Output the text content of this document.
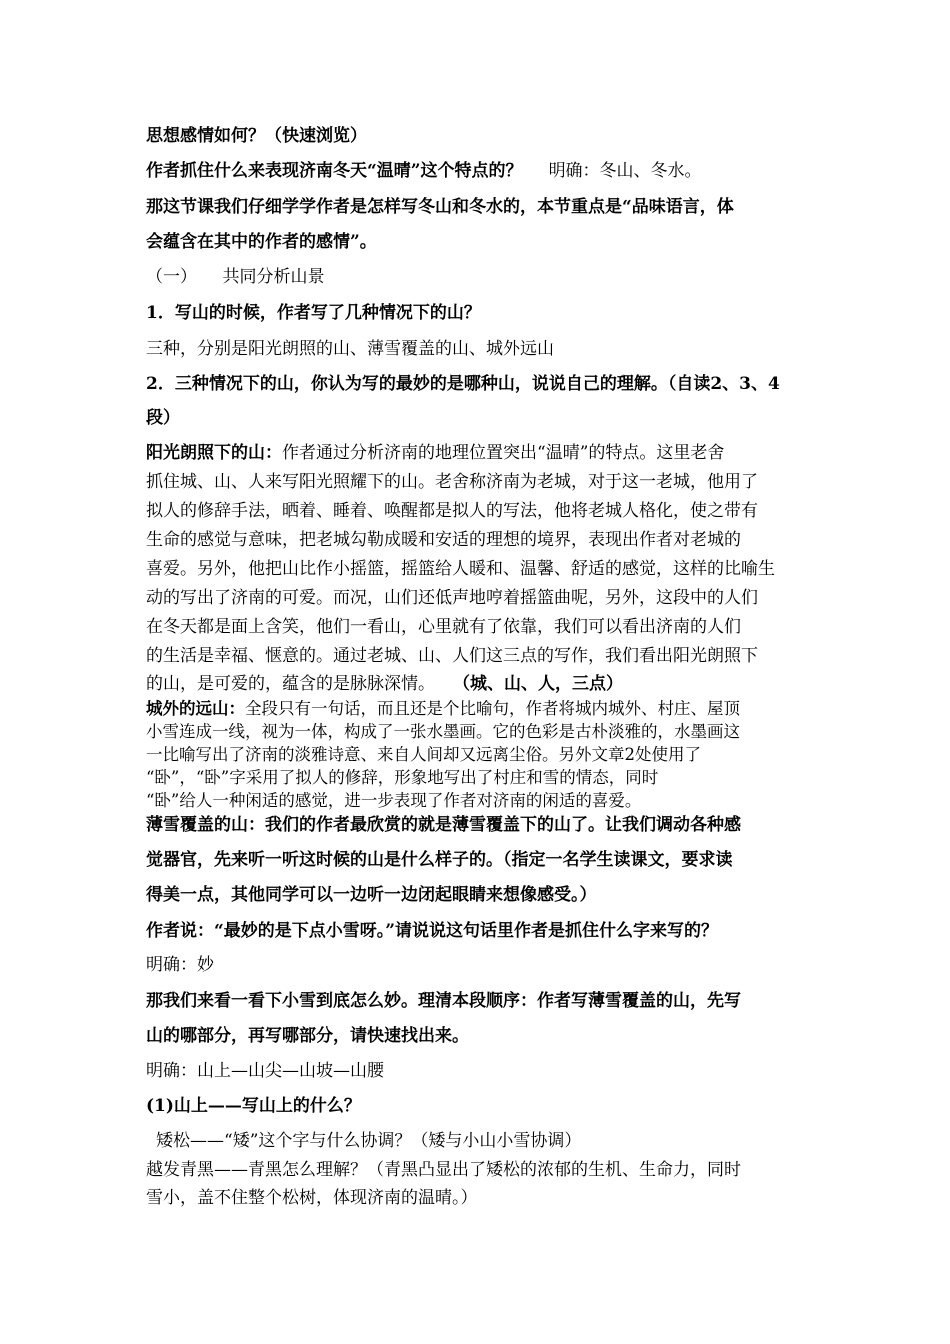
思想感情如何？（快速浏览）
作者抓住什么来表现济南冬天“温晴”这个特点的？ 明确：冬山、冬水。
那这节课我们仔细学学作者是怎样写冬山和冬水的，本节重点是“品味语言，体
会蕴含在其中的作者的感情”。
（一）　　共同分析山景
1．写山的时候，作者写了几种情况下的山？
三种，分别是阳光朗照的山、薄雪覆盖的山、城外远山
2．三种情况下的山，你认为写的最妙的是哪种山，说说自己的理解。（自读2、3、4
段）
阳光朗照下的山：作者通过分析济南的地理位置突出“温晴”的特点。这里老舍
抓住城、山、人来写阳光照耀下的山。老舍称济南为老城，对于这一老城，他用了
拟人的修辞手法，晒着、睡着、唤醒都是拟人的写法，他将老城人格化，使之带有
生命的感觉与意味，把老城勾勒成暖和安适的理想的境界，表现出作者对老城的
喜爱。另外，他把山比作小摇篮，摇篮给人暖和、温馨、舒适的感觉，这样的比喻生
动的写出了济南的可爱。而况，山们还低声地哼着摇篮曲呢，另外，这段中的人们
在冬天都是面上含笑，他们一看山，心里就有了依靠，我们可以看出济南的人们
的生活是幸福、惬意的。通过老城、山、人们这三点的写作，我们看出阳光朗照下
的山，是可爱的，蕴含的是脉脉深情。 （城、山、人，三点）
城外的远山：全段只有一句话，而且还是个比喻句，作者将城内城外、村庄、屋顶
小雪连成一线，视为一体，构成了一张水墨画。它的色彩是古朴淡雅的，水墨画这
一比喻写出了济南的淡雅诗意、来自人间却又远离尘俗。另外文章2处使用了
“卧”，“卧”字采用了拟人的修辞，形象地写出了村庄和雪的情态，同时
“卧”给人一种闲适的感觉，进一步表现了作者对济南的闲适的喜爱。
薄雪覆盖的山：我们的作者最欣赏的就是薄雪覆盖下的山了。让我们调动各种感
觉器官，先来听一听这时候的山是什么样子的。（指定一名学生读课文，要求读
得美一点，其他同学可以一边听一边闭起眼睛来想像感受。）
作者说：“最妙的是下点小雪呀。”请说说这句话里作者是抓住什么字来写的？
明确：妙
那我们来看一看下小雪到底怎么妙。理清本段顺序：作者写薄雪覆盖的山，先写
山的哪部分，再写哪部分，请快速找出来。
明确：山上—山尖—山坡—山腰
(1)山上——写山上的什么？
矮松——“矮”这个字与什么协调？（矮与小山小雪协调）
越发青黑——青黑怎么理解？（青黑凸显出了矮松的浓郁的生机、生命力，同时
雪小，盖不住整个松树，体现济南的温晴。）
